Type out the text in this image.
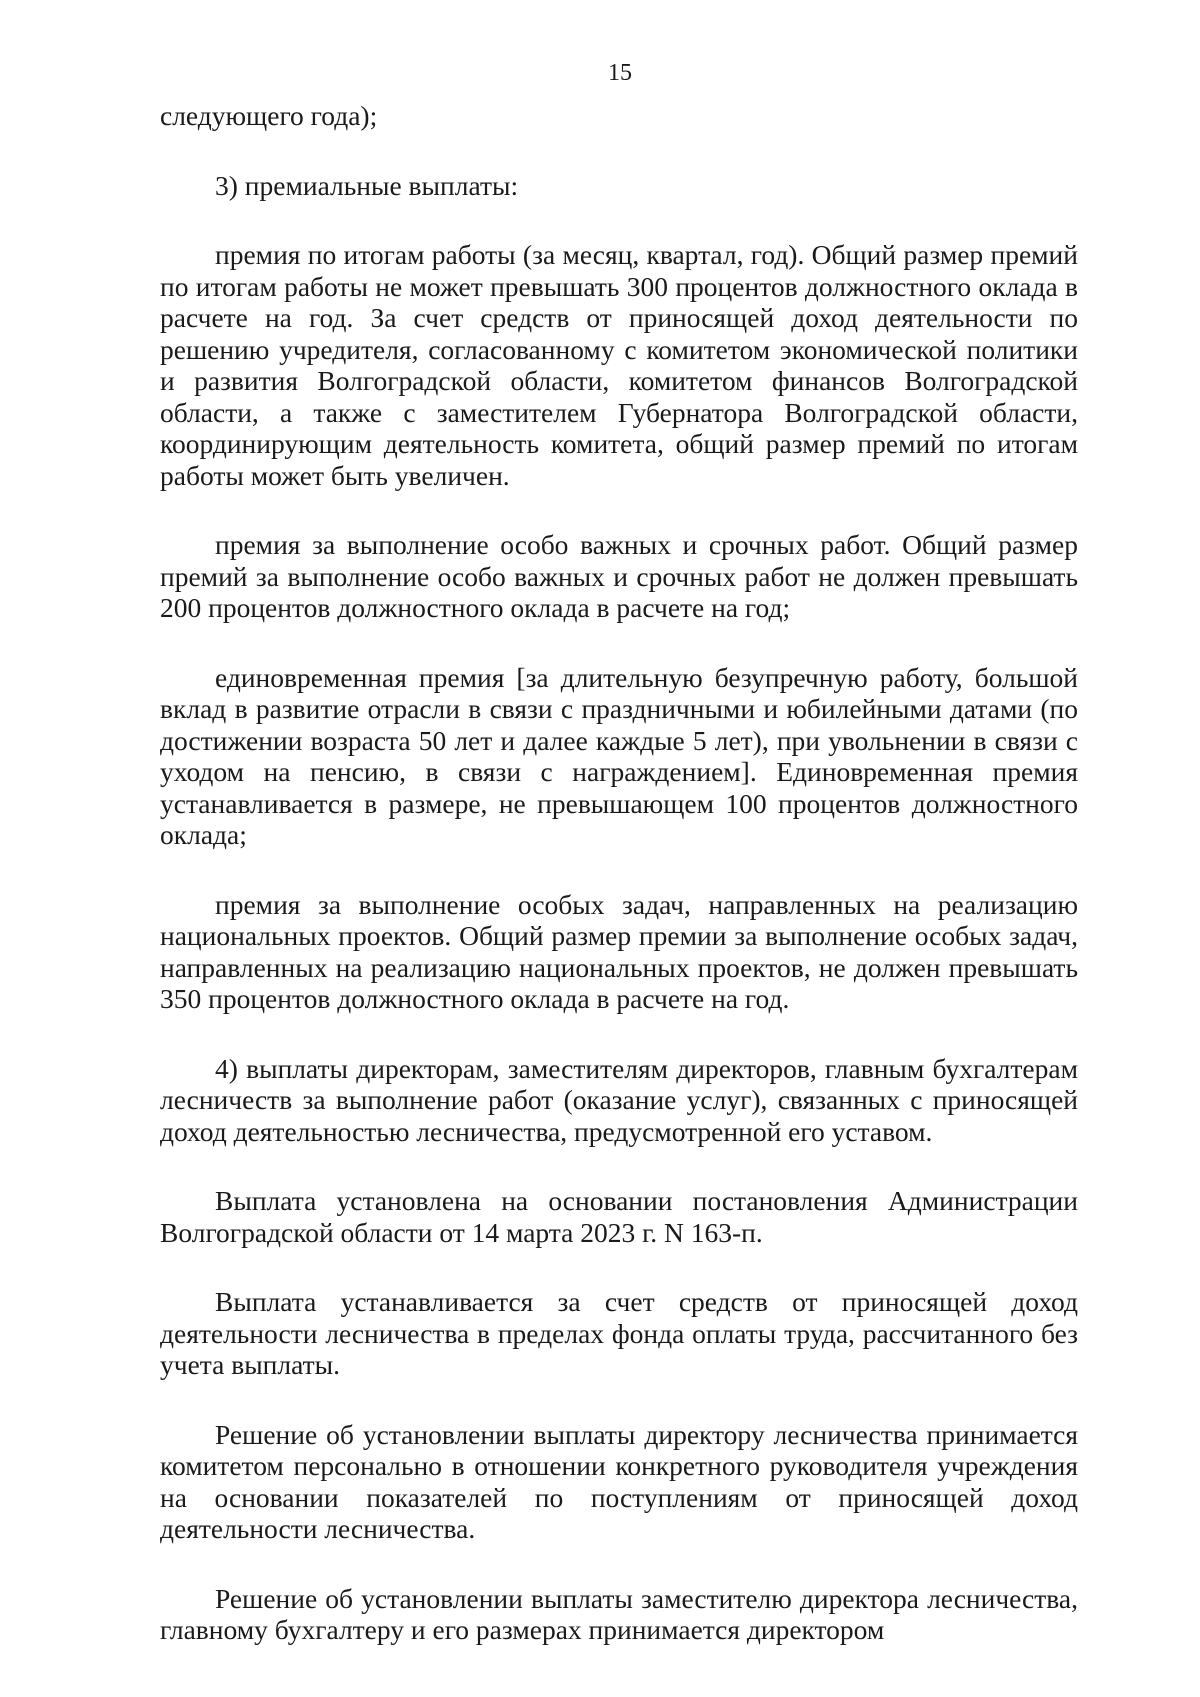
15

следующего года);

3) премиальные выплаты:

премия по итогам работы (за месяц, квартал, год). Общий размер премий по итогам работы не может превышать 300 процентов должностного оклада в расчете на год. За счет средств от приносящей доход деятельности по решению учредителя, согласованному с комитетом экономической политики и развития Волгоградской области, комитетом финансов Волгоградской области, а также с заместителем Губернатора Волгоградской области, координирующим деятельность комитета, общий размер премий по итогам работы может быть увеличен.

премия за выполнение особо важных и срочных работ. Общий размер премий за выполнение особо важных и срочных работ не должен превышать 200 процентов должностного оклада в расчете на год;

единовременная премия [за длительную безупречную работу, большой вклад в развитие отрасли в связи с праздничными и юбилейными датами (по достижении возраста 50 лет и далее каждые 5 лет), при увольнении в связи с уходом на пенсию, в связи с награждением]. Единовременная премия устанавливается в размере, не превышающем 100 процентов должностного оклада;

премия за выполнение особых задач, направленных на реализацию национальных проектов. Общий размер премии за выполнение особых задач, направленных на реализацию национальных проектов, не должен превышать 350 процентов должностного оклада в расчете на год.

4) выплаты директорам, заместителям директоров, главным бухгалтерам лесничеств за выполнение работ (оказание услуг), связанных с приносящей доход деятельностью лесничества, предусмотренной его уставом.

Выплата установлена на основании постановления Администрации Волгоградской области от 14 марта 2023 г. N 163-п.

Выплата устанавливается за счет средств от приносящей доход деятельности лесничества в пределах фонда оплаты труда, рассчитанного без учета выплаты.

Решение об установлении выплаты директору лесничества принимается комитетом персонально в отношении конкретного руководителя учреждения на основании показателей по поступлениям от приносящей доход деятельности лесничества.

Решение об установлении выплаты заместителю директора лесничества, главному бухгалтеру и его размерах принимается директором
